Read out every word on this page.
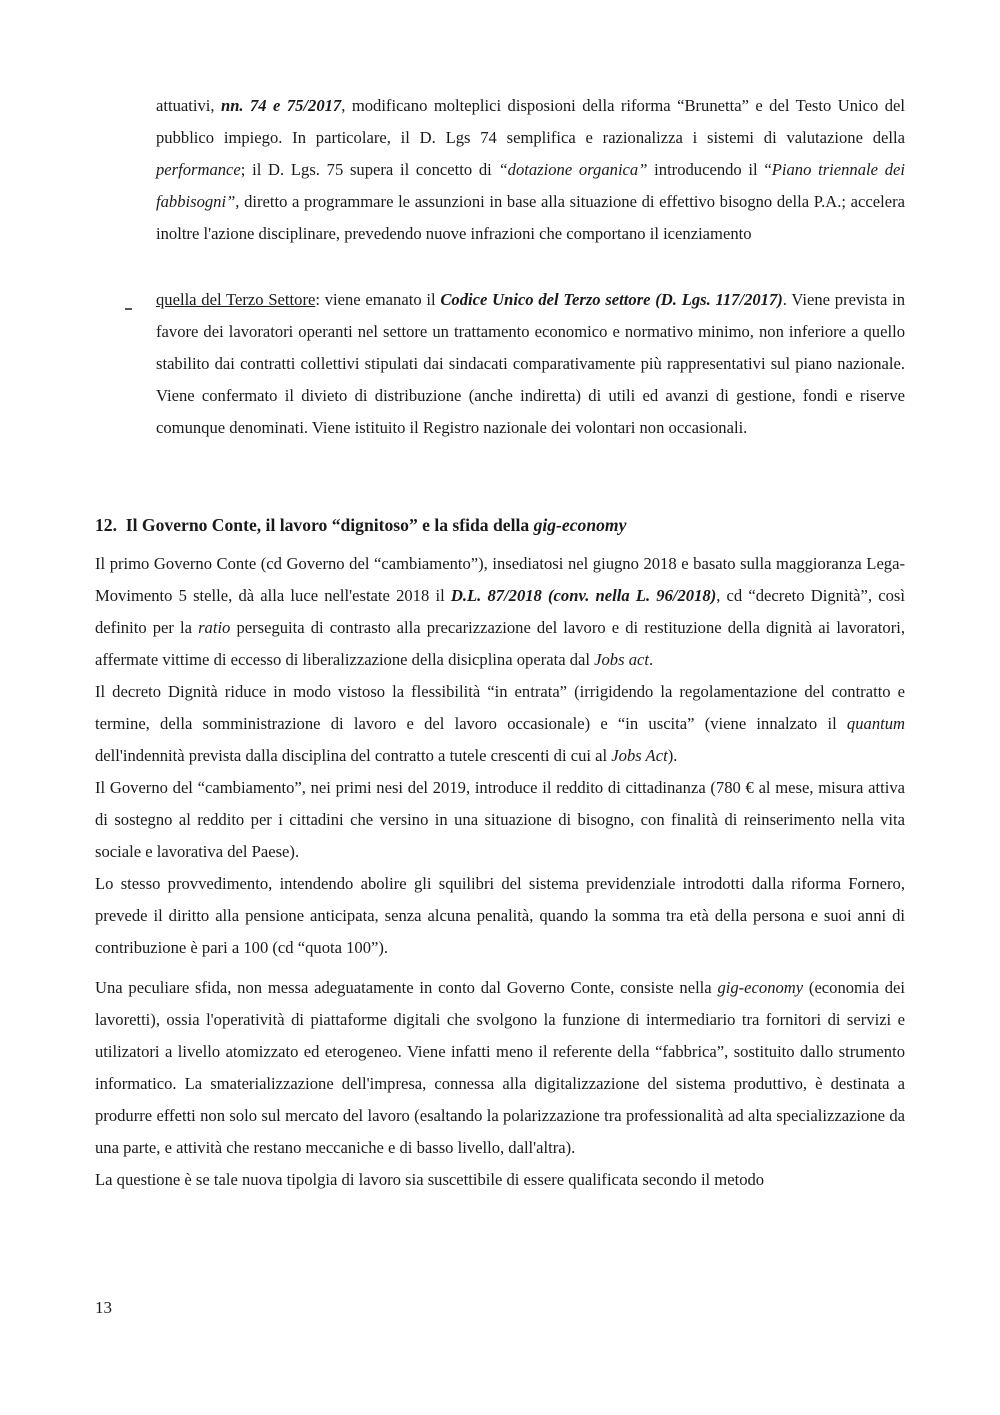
attuativi, nn. 74 e 75/2017, modificano molteplici disposioni della riforma “Brunetta” e del Testo Unico del pubblico impiego. In particolare, il D. Lgs 74 semplifica e razionalizza i sistemi di valutazione della performance; il D. Lgs. 75 supera il concetto di “dotazione organica” introducendo il “Piano triennale dei fabbisogni”, diretto a programmare le assunzioni in base alla situazione di effettivo bisogno della P.A.; accelera inoltre l'azione disciplinare, prevedendo nuove infrazioni che comportano il icenziamento

quella del Terzo Settore: viene emanato il Codice Unico del Terzo settore (D. Lgs. 117/2017). Viene prevista in favore dei lavoratori operanti nel settore un trattamento economico e normativo minimo, non inferiore a quello stabilito dai contratti collettivi stipulati dai sindacati comparativamente più rappresentativi sul piano nazionale. Viene confermato il divieto di distribuzione (anche indiretta) di utili ed avanzi di gestione, fondi e riserve comunque denominati. Viene istituito il Registro nazionale dei volontari non occasionali.

12. Il Governo Conte, il lavoro “dignitoso” e la sfida della gig-economy

Il primo Governo Conte (cd Governo del “cambiamento”), insediatosi nel giugno 2018 e basato sulla maggioranza Lega-Movimento 5 stelle, dà alla luce nell'estate 2018 il D.L. 87/2018 (conv. nella L. 96/2018), cd “decreto Dignità”, così definito per la ratio perseguita di contrasto alla precarizzazione del lavoro e di restituzione della dignità ai lavoratori, affermate vittime di eccesso di liberalizzazione della disicplina operata dal Jobs act.

Il decreto Dignità riduce in modo vistoso la flessibilità “in entrata” (irrigidendo la regolamentazione del contratto e termine, della somministrazione di lavoro e del lavoro occasionale) e “in uscita” (viene innalzato il quantum dell'indennità prevista dalla disciplina del contratto a tutele crescenti di cui al Jobs Act).

Il Governo del “cambiamento”, nei primi nesi del 2019, introduce il reddito di cittadinanza (780 € al mese, misura attiva di sostegno al reddito per i cittadini che versino in una situazione di bisogno, con finalità di reinserimento nella vita sociale e lavorativa del Paese).

Lo stesso provvedimento, intendendo abolire gli squilibri del sistema previdenziale introdotti dalla riforma Fornero, prevede il diritto alla pensione anticipata, senza alcuna penalità, quando la somma tra età della persona e suoi anni di contribuzione è pari a 100 (cd “quota 100”).

Una peculiare sfida, non messa adeguatamente in conto dal Governo Conte, consiste nella gig-economy (economia dei lavoretti), ossia l'operatività di piattaforme digitali che svolgono la funzione di intermediario tra fornitori di servizi e utilizatori a livello atomizzato ed eterogeneo. Viene infatti meno il referente della “fabbrica”, sostituito dallo strumento informatico. La smaterializzazione dell'impresa, connessa alla digitalizzazione del sistema produttivo, è destinata a produrre effetti non solo sul mercato del lavoro (esaltando la polarizzazione tra professionalità ad alta specializzazione da una parte, e attività che restano meccaniche e di basso livello, dall'altra).

La questione è se tale nuova tipolgia di lavoro sia suscettibile di essere qualificata secondo il metodo

13
